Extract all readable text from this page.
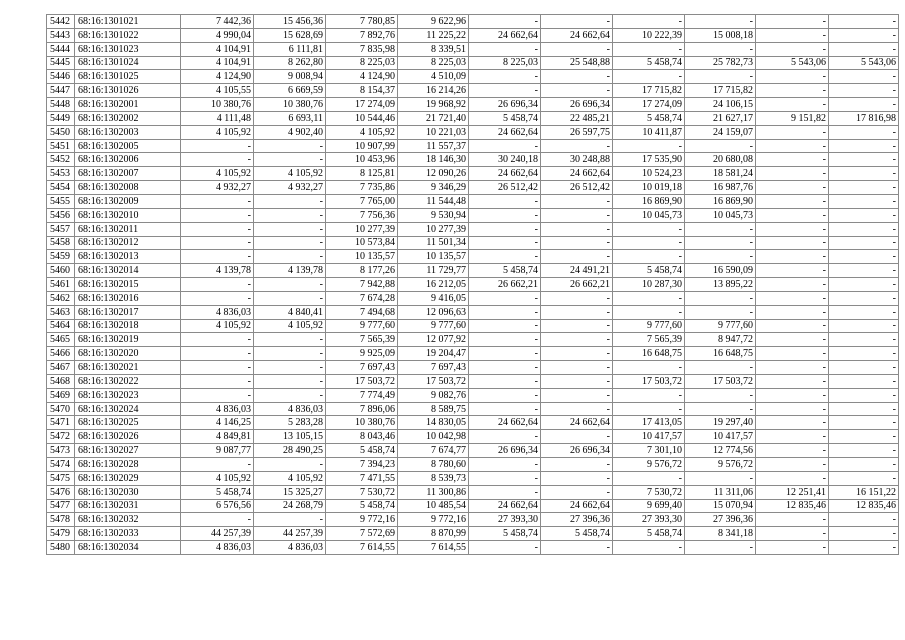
5442	68:16:1301021	7 442,36	15 456,36	7 780,85	9 622,96	-	-	-	-	-	-
5443	68:16:1301022	4 990,04	15 628,69	7 892,76	11 225,22	24 662,64	24 662,64	10 222,39	15 008,18	-	-
5444	68:16:1301023	4 104,91	6 111,81	7 835,98	8 339,51	-	-	-	-	-	-
5445	68:16:1301024	4 104,91	8 262,80	8 225,03	8 225,03	8 225,03	25 548,88	5 458,74	25 782,73	5 543,06	5 543,06
5446	68:16:1301025	4 124,90	9 008,94	4 124,90	4 510,09	-	-	-	-	-	-
5447	68:16:1301026	4 105,55	6 669,59	8 154,37	16 214,26	-	-	17 715,82	17 715,82	-	-
5448	68:16:1302001	10 380,76	10 380,76	17 274,09	19 968,92	26 696,34	26 696,34	17 274,09	24 106,15	-	-
5449	68:16:1302002	4 111,48	6 693,11	10 544,46	21 721,40	5 458,74	22 485,21	5 458,74	21 627,17	9 151,82	17 816,98
5450	68:16:1302003	4 105,92	4 902,40	4 105,92	10 221,03	24 662,64	26 597,75	10 411,87	24 159,07	-	-
5451	68:16:1302005	-	-	10 907,99	11 557,37	-	-	-	-	-	-
5452	68:16:1302006	-	-	10 453,96	18 146,30	30 240,18	30 248,88	17 535,90	20 680,08	-	-
5453	68:16:1302007	4 105,92	4 105,92	8 125,81	12 090,26	24 662,64	24 662,64	10 524,23	18 581,24	-	-
5454	68:16:1302008	4 932,27	4 932,27	7 735,86	9 346,29	26 512,42	26 512,42	10 019,18	16 987,76	-	-
5455	68:16:1302009	-	-	7 765,00	11 544,48	-	-	16 869,90	16 869,90	-	-
5456	68:16:1302010	-	-	7 756,36	9 530,94	-	-	10 045,73	10 045,73	-	-
5457	68:16:1302011	-	-	10 277,39	10 277,39	-	-	-	-	-	-
5458	68:16:1302012	-	-	10 573,84	11 501,34	-	-	-	-	-	-
5459	68:16:1302013	-	-	10 135,57	10 135,57	-	-	-	-	-	-
5460	68:16:1302014	4 139,78	4 139,78	8 177,26	11 729,77	5 458,74	24 491,21	5 458,74	16 590,09	-	-
5461	68:16:1302015	-	-	7 942,88	16 212,05	26 662,21	26 662,21	10 287,30	13 895,22	-	-
5462	68:16:1302016	-	-	7 674,28	9 416,05	-	-	-	-	-	-
5463	68:16:1302017	4 836,03	4 840,41	7 494,68	12 096,63	-	-	-	-	-	-
5464	68:16:1302018	4 105,92	4 105,92	9 777,60	9 777,60	-	-	9 777,60	9 777,60	-	-
5465	68:16:1302019	-	-	7 565,39	12 077,92	-	-	7 565,39	8 947,72	-	-
5466	68:16:1302020	-	-	9 925,09	19 204,47	-	-	16 648,75	16 648,75	-	-
5467	68:16:1302021	-	-	7 697,43	7 697,43	-	-	-	-	-	-
5468	68:16:1302022	-	-	17 503,72	17 503,72	-	-	17 503,72	17 503,72	-	-
5469	68:16:1302023	-	-	7 774,49	9 082,76	-	-	-	-	-	-
5470	68:16:1302024	4 836,03	4 836,03	7 896,06	8 589,75	-	-	-	-	-	-
5471	68:16:1302025	4 146,25	5 283,28	10 380,76	14 830,05	24 662,64	24 662,64	17 413,05	19 297,40	-	-
5472	68:16:1302026	4 849,81	13 105,15	8 043,46	10 042,98	-	-	10 417,57	10 417,57	-	-
5473	68:16:1302027	9 087,77	28 490,25	5 458,74	7 674,77	26 696,34	26 696,34	7 301,10	12 774,56	-	-
5474	68:16:1302028	-	-	7 394,23	8 780,60	-	-	9 576,72	9 576,72	-	-
5475	68:16:1302029	4 105,92	4 105,92	7 471,55	8 539,73	-	-	-	-	-	-
5476	68:16:1302030	5 458,74	15 325,27	7 530,72	11 300,86	-	-	7 530,72	11 311,06	12 251,41	16 151,22
5477	68:16:1302031	6 576,56	24 268,79	5 458,74	10 485,54	24 662,64	24 662,64	9 699,40	15 070,94	12 835,46	12 835,46
5478	68:16:1302032	-	-	9 772,16	9 772,16	27 393,30	27 396,36	27 393,30	27 396,36	-	-
5479	68:16:1302033	44 257,39	44 257,39	7 572,69	8 870,99	5 458,74	5 458,74	5 458,74	8 341,18	-	-
5480	68:16:1302034	4 836,03	4 836,03	7 614,55	7 614,55	-	-	-	-	-	-
